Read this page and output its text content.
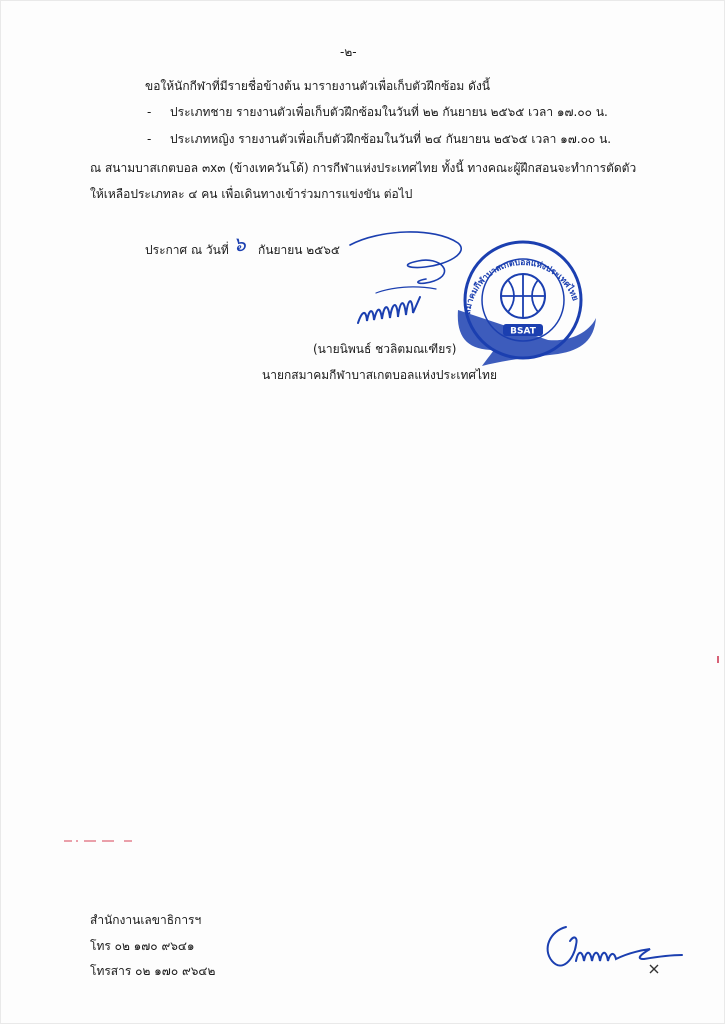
-๒-
ขอให้นักกีฬาที่มีรายชื่อข้างต้น มารายงานตัวเพื่อเก็บตัวฝึกซ้อม ดังนี้
- ประเภทชาย รายงานตัวเพื่อเก็บตัวฝึกซ้อมในวันที่ ๒๒ กันยายน ๒๕๖๕ เวลา ๑๗.๐๐ น.
- ประเภทหญิง รายงานตัวเพื่อเก็บตัวฝึกซ้อมในวันที่ ๒๔ กันยายน ๒๕๖๕ เวลา ๑๗.๐๐ น.
ณ สนามบาสเกตบอล ๓x๓ (ข้างเทควันโด้) การกีฬาแห่งประเทศไทย ทั้งนี้ ทางคณะผู้ฝึกสอนจะทำการตัดตัว
ให้เหลือประเภทละ ๔ คน เพื่อเดินทางเข้าร่วมการแข่งขัน ต่อไป
ประกาศ ณ วันที่ ๖ กันยายน ๒๕๖๕
สมาคมกีฬาบาสเกตบอลแห่งประเทศไทย
BSAT
(นายนิพนธ์ ชวลิตมณเฑียร)
นายกสมาคมกีฬาบาสเกตบอลแห่งประเทศไทย
สำนักงานเลขาธิการฯ
โทร ๐๒ ๑๗๐ ๙๖๔๑
โทรสาร ๐๒ ๑๗๐ ๙๖๔๒
